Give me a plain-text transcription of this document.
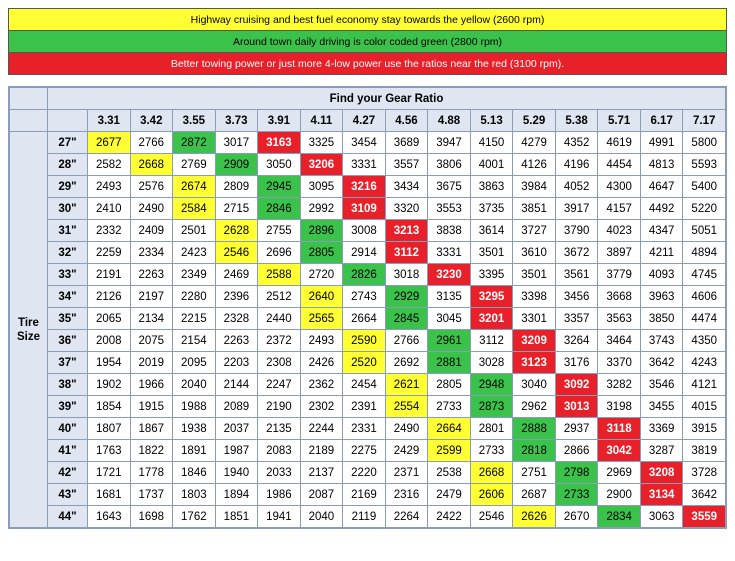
Highway cruising and best fuel economy stay towards the yellow (2600 rpm)
Around town daily driving is color coded green (2800 rpm)
Better towing power or just more 4-low power use the ratios near the red (3100 rpm).
	Find your Gear Ratio															
		3.31	3.42	3.55	3.73	3.91	4.11	4.27	4.56	4.88	5.13	5.29	5.38	5.71	6.17	7.17

Tire
Size	27"	2677	2766	2872	3017	3163	3325	3454	3689	3947	4150	4279	4352	4619	4991	5800
	28"	2582	2668	2769	2909	3050	3206	3331	3557	3806	4001	4126	4196	4454	4813	5593
	29"	2493	2576	2674	2809	2945	3095	3216	3434	3675	3863	3984	4052	4300	4647	5400
	30"	2410	2490	2584	2715	2846	2992	3109	3320	3553	3735	3851	3917	4157	4492	5220
	31"	2332	2409	2501	2628	2755	2896	3008	3213	3838	3614	3727	3790	4023	4347	5051
	32"	2259	2334	2423	2546	2696	2805	2914	3112	3331	3501	3610	3672	3897	4211	4894
	33"	2191	2263	2349	2469	2588	2720	2826	3018	3230	3395	3501	3561	3779	4093	4745
	34"	2126	2197	2280	2396	2512	2640	2743	2929	3135	3295	3398	3456	3668	3963	4606
	35"	2065	2134	2215	2328	2440	2565	2664	2845	3045	3201	3301	3357	3563	3850	4474
	36"	2008	2075	2154	2263	2372	2493	2590	2766	2961	3112	3209	3264	3464	3743	4350
	37"	1954	2019	2095	2203	2308	2426	2520	2692	2881	3028	3123	3176	3370	3642	4243
	38"	1902	1966	2040	2144	2247	2362	2454	2621	2805	2948	3040	3092	3282	3546	4121
	39"	1854	1915	1988	2089	2190	2302	2391	2554	2733	2873	2962	3013	3198	3455	4015
	40"	1807	1867	1938	2037	2135	2244	2331	2490	2664	2801	2888	2937	3118	3369	3915
	41"	1763	1822	1891	1987	2083	2189	2275	2429	2599	2733	2818	2866	3042	3287	3819
	42"	1721	1778	1846	1940	2033	2137	2220	2371	2538	2668	2751	2798	2969	3208	3728
	43"	1681	1737	1803	1894	1986	2087	2169	2316	2479	2606	2687	2733	2900	3134	3642
	44"	1643	1698	1762	1851	1941	2040	2119	2264	2422	2546	2626	2670	2834	3063	3559
